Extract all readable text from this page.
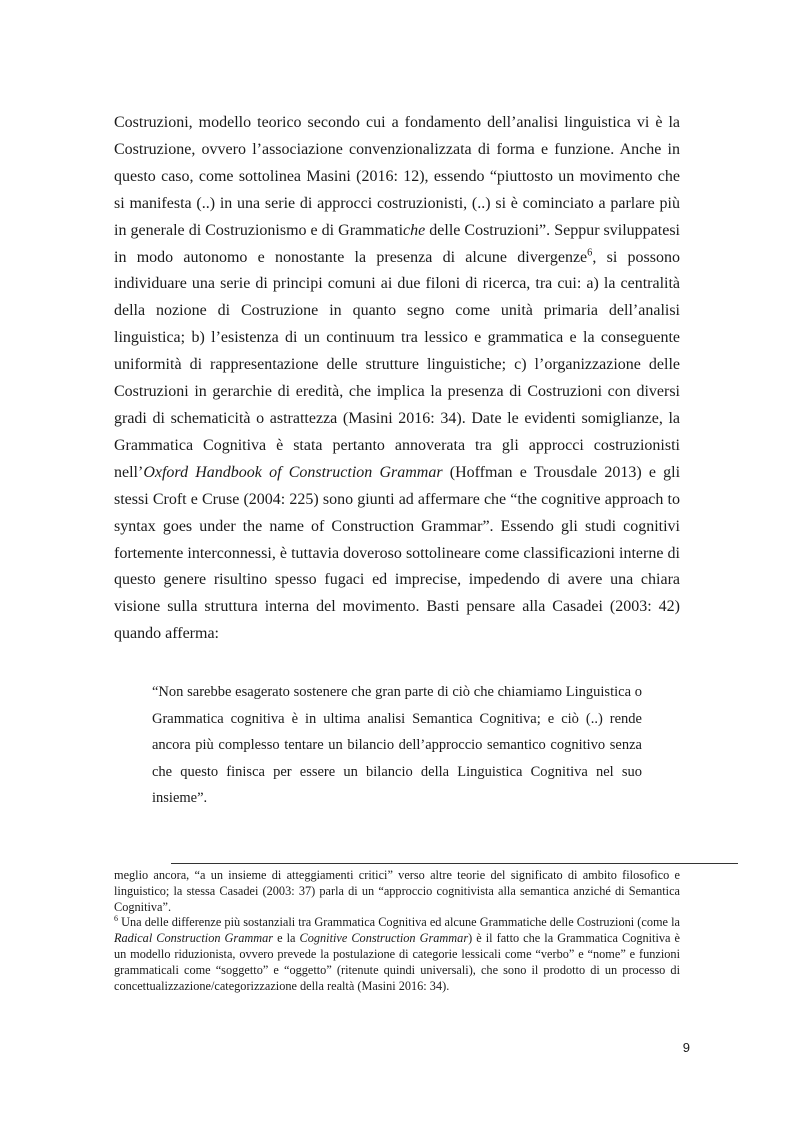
Costruzioni, modello teorico secondo cui a fondamento dell’analisi linguistica vi è la Costruzione, ovvero l’associazione convenzionalizzata di forma e funzione. Anche in questo caso, come sottolinea Masini (2016: 12), essendo “piuttosto un movimento che si manifesta (..) in una serie di approcci costruzionisti, (..) si è cominciato a parlare più in generale di Costruzionismo e di Grammatiche delle Costruzioni”. Seppur sviluppatesi in modo autonomo e nonostante la presenza di alcune divergenze$^6$, si possono individuare una serie di principi comuni ai due filoni di ricerca, tra cui: a) la centralità della nozione di Costruzione in quanto segno come unità primaria dell’analisi linguistica; b) l’esistenza di un continuum tra lessico e grammatica e la conseguente uniformità di rappresentazione delle strutture linguistiche; c) l’organizzazione delle Costruzioni in gerarchie di eredità, che implica la presenza di Costruzioni con diversi gradi di schematicità o astrattezza (Masini 2016: 34). Date le evidenti somiglianze, la Grammatica Cognitiva è stata pertanto annoverata tra gli approcci costruzionisti nell’Oxford Handbook of Construction Grammar (Hoffman e Trousdale 2013) e gli stessi Croft e Cruse (2004: 225) sono giunti ad affermare che “the cognitive approach to syntax goes under the name of Construction Grammar”. Essendo gli studi cognitivi fortemente interconnessi, è tuttavia doveroso sottolineare come classificazioni interne di questo genere risultino spesso fugaci ed imprecise, impedendo di avere una chiara visione sulla struttura interna del movimento. Basti pensare alla Casadei (2003: 42) quando afferma:

“Non sarebbe esagerato sostenere che gran parte di ciò che chiamiamo Linguistica o Grammatica cognitiva è in ultima analisi Semantica Cognitiva; e ciò (..) rende ancora più complesso tentare un bilancio dell’approccio semantico cognitivo senza che questo finisca per essere un bilancio della Linguistica Cognitiva nel suo insieme”.

meglio ancora, “a un insieme di atteggiamenti critici” verso altre teorie del significato di ambito filosofico e linguistico; la stessa Casadei (2003: 37) parla di un “approccio cognitivista alla semantica anziché di Semantica Cognitiva”.

$^6$ Una delle differenze più sostanziali tra Grammatica Cognitiva ed alcune Grammatiche delle Costruzioni (come la Radical Construction Grammar e la Cognitive Construction Grammar) è il fatto che la Grammatica Cognitiva è un modello riduzionista, ovvero prevede la postulazione di categorie lessicali come “verbo” e “nome” e funzioni grammaticali come “soggetto” e “oggetto” (ritenute quindi universali), che sono il prodotto di un processo di concettualizzazione/categorizzazione della realtà (Masini 2016: 34).

9
